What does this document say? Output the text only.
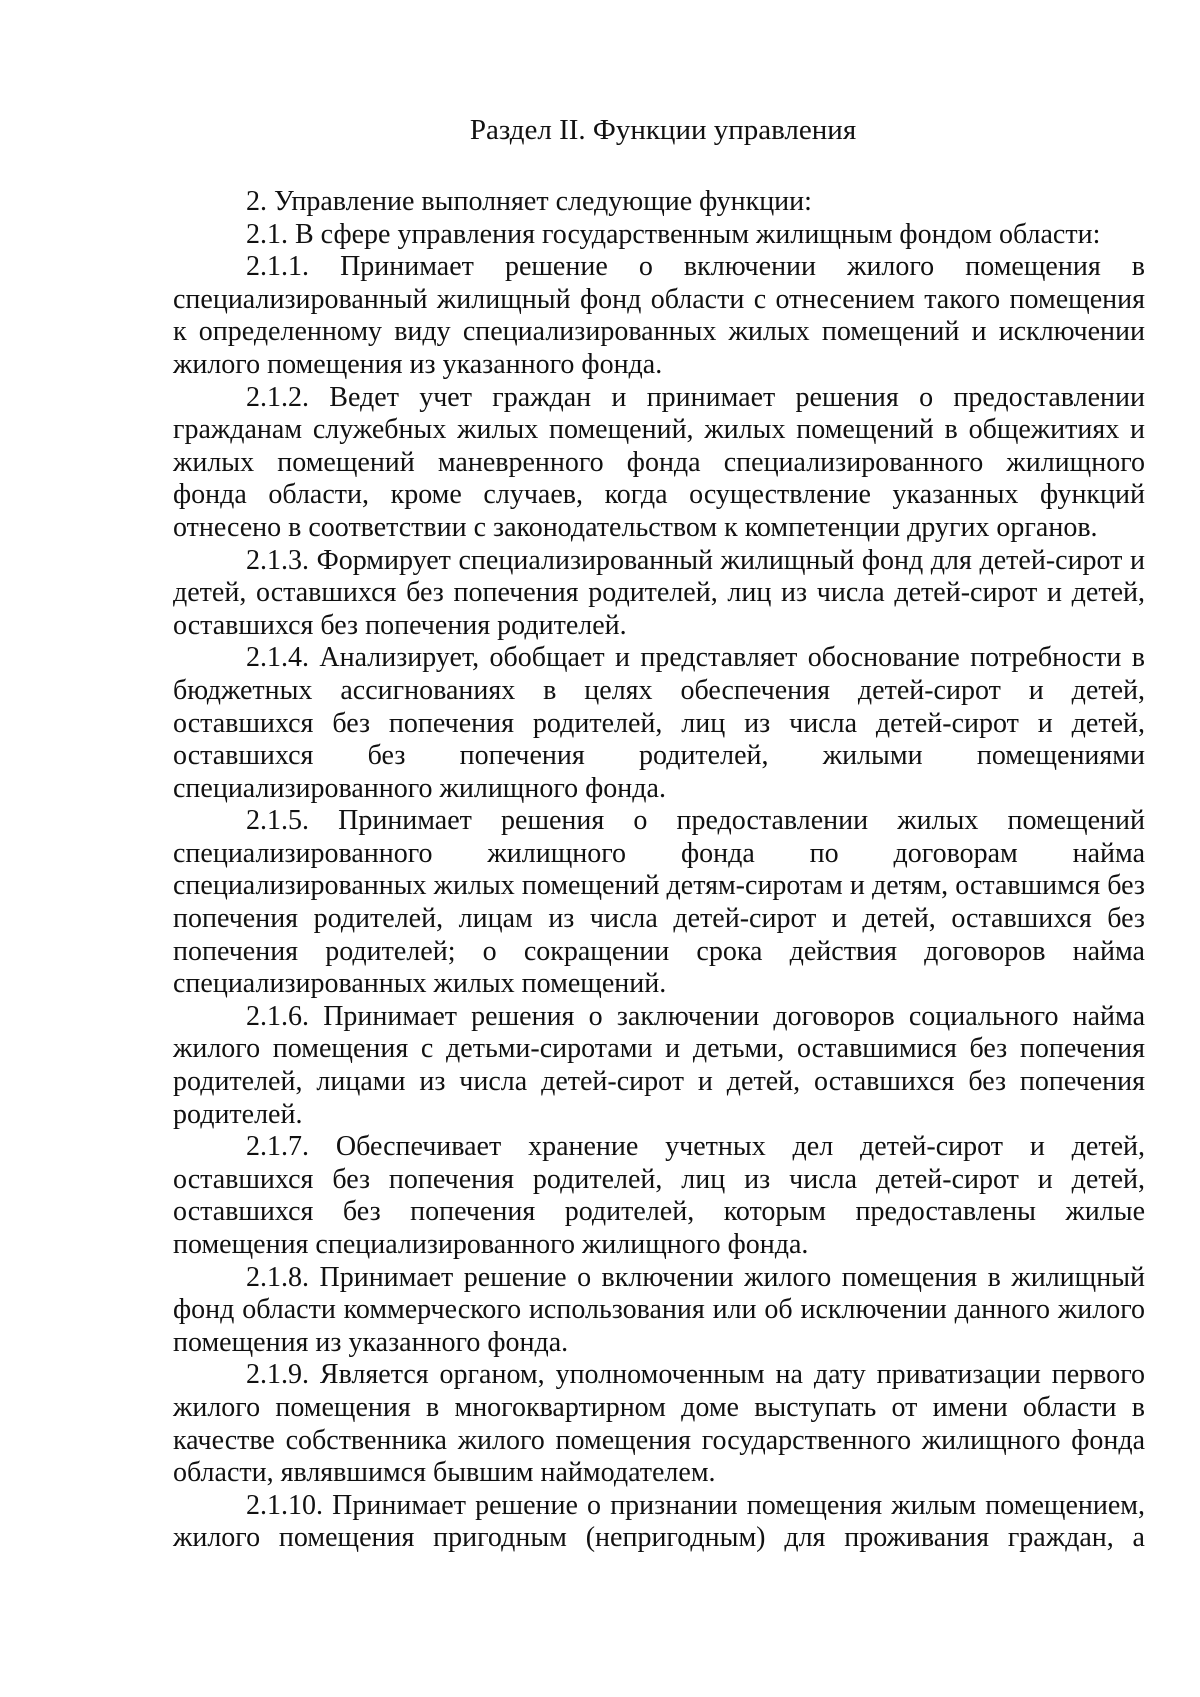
Раздел II. Функции управления

2. Управление выполняет следующие функции:

2.1. В сфере управления государственным жилищным фондом области:

2.1.1. Принимает решение о включении жилого помещения в специализированный жилищный фонд области с отнесением такого помещения к определенному виду специализированных жилых помещений и исключении жилого помещения из указанного фонда.

2.1.2. Ведет учет граждан и принимает решения о предоставлении гражданам служебных жилых помещений, жилых помещений в общежитиях и жилых помещений маневренного фонда специализированного жилищного фонда области, кроме случаев, когда осуществление указанных функций отнесено в соответствии с законодательством к компетенции других органов.

2.1.3. Формирует специализированный жилищный фонд для детей-сирот и детей, оставшихся без попечения родителей, лиц из числа детей-сирот и детей, оставшихся без попечения родителей.

2.1.4. Анализирует, обобщает и представляет обоснование потребности в бюджетных ассигнованиях в целях обеспечения детей-сирот и детей, оставшихся без попечения родителей, лиц из числа детей-сирот и детей, оставшихся без попечения родителей, жилыми помещениями специализированного жилищного фонда.

2.1.5. Принимает решения о предоставлении жилых помещений специализированного жилищного фонда по договорам найма специализированных жилых помещений детям-сиротам и детям, оставшимся без попечения родителей, лицам из числа детей-сирот и детей, оставшихся без попечения родителей; о сокращении срока действия договоров найма специализированных жилых помещений.

2.1.6. Принимает решения о заключении договоров социального найма жилого помещения с детьми-сиротами и детьми, оставшимися без попечения родителей, лицами из числа детей-сирот и детей, оставшихся без попечения родителей.

2.1.7. Обеспечивает хранение учетных дел детей-сирот и детей, оставшихся без попечения родителей, лиц из числа детей-сирот и детей, оставшихся без попечения родителей, которым предоставлены жилые помещения специализированного жилищного фонда.

2.1.8. Принимает решение о включении жилого помещения в жилищный фонд области коммерческого использования или об исключении данного жилого помещения из указанного фонда.

2.1.9. Является органом, уполномоченным на дату приватизации первого жилого помещения в многоквартирном доме выступать от имени области в качестве собственника жилого помещения государственного жилищного фонда области, являвшимся бывшим наймодателем.

2.1.10. Принимает решение о признании помещения жилым помещением, жилого помещения пригодным (непригодным) для проживания граждан, а
